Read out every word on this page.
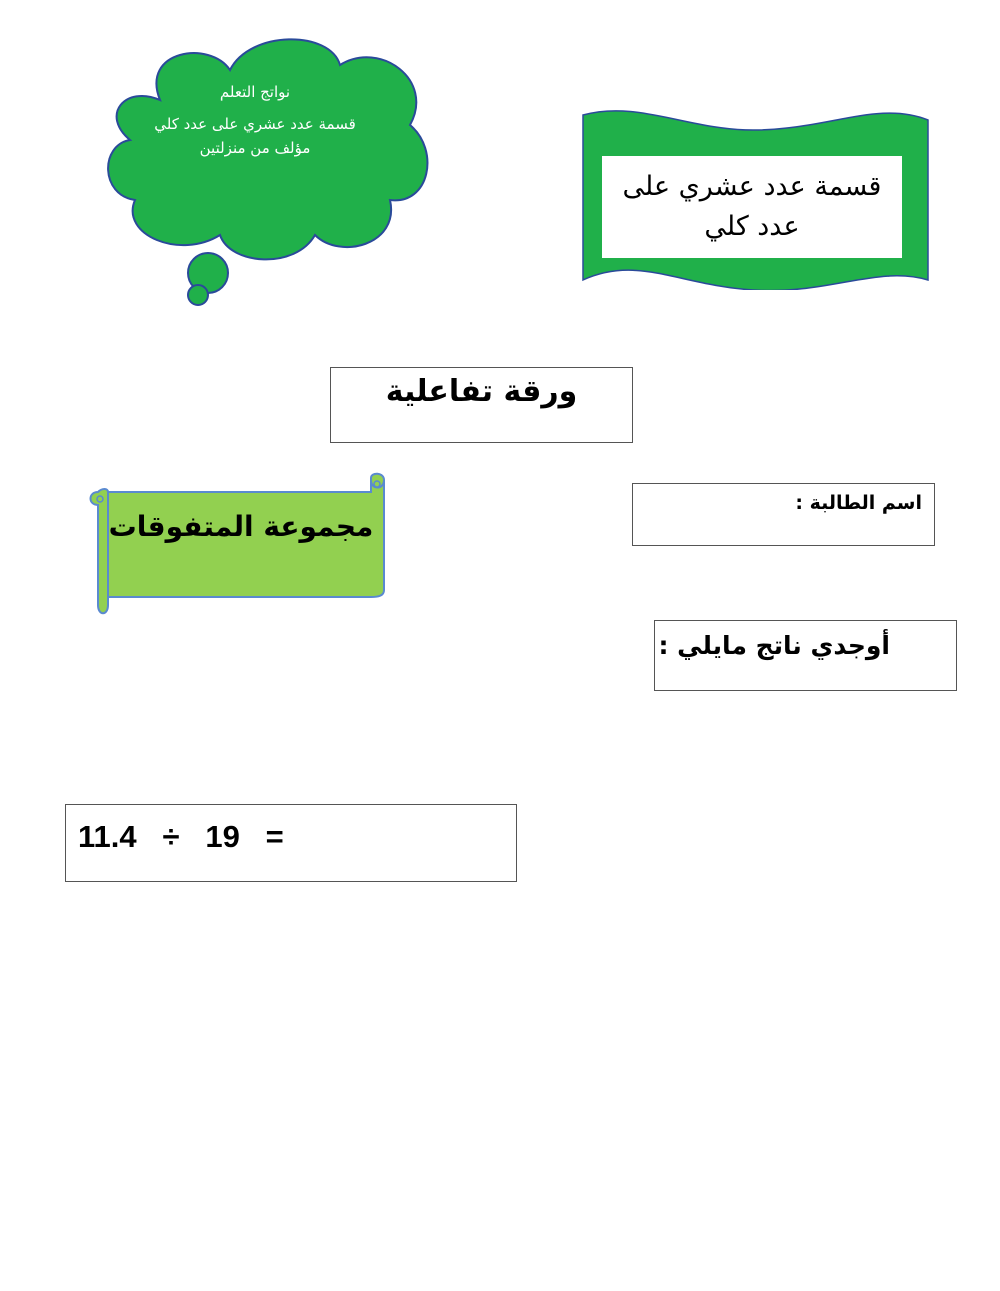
نواتج التعلم
قسمة عدد عشري على عدد كلي مؤلف من منزلتين
قسمة عدد عشري على عدد كلي
ورقة تفاعلية
مجموعة المتفوقات
اسم الطالبة :
أوجدي ناتج مايلي :
11.4 ÷ 19 =
